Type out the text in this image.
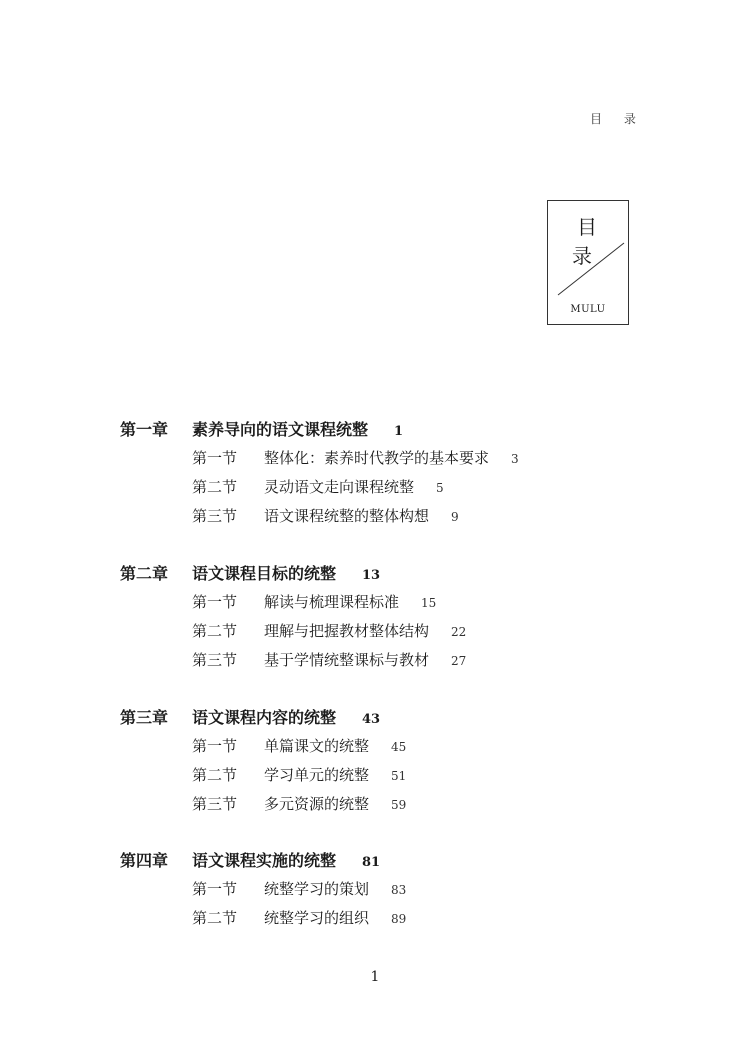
目 录
目 录
MULU
第一章 素养导向的语文课程统整 1
第一节 整体化：素养时代教学的基本要求 3
第二节 灵动语文走向课程统整 5
第三节 语文课程统整的整体构想 9
第二章 语文课程目标的统整 13
第一节 解读与梳理课程标准 15
第二节 理解与把握教材整体结构 22
第三节 基于学情统整课标与教材 27
第三章 语文课程内容的统整 43
第一节 单篇课文的统整 45
第二节 学习单元的统整 51
第三节 多元资源的统整 59
第四章 语文课程实施的统整 81
第一节 统整学习的策划 83
第二节 统整学习的组织 89
1
